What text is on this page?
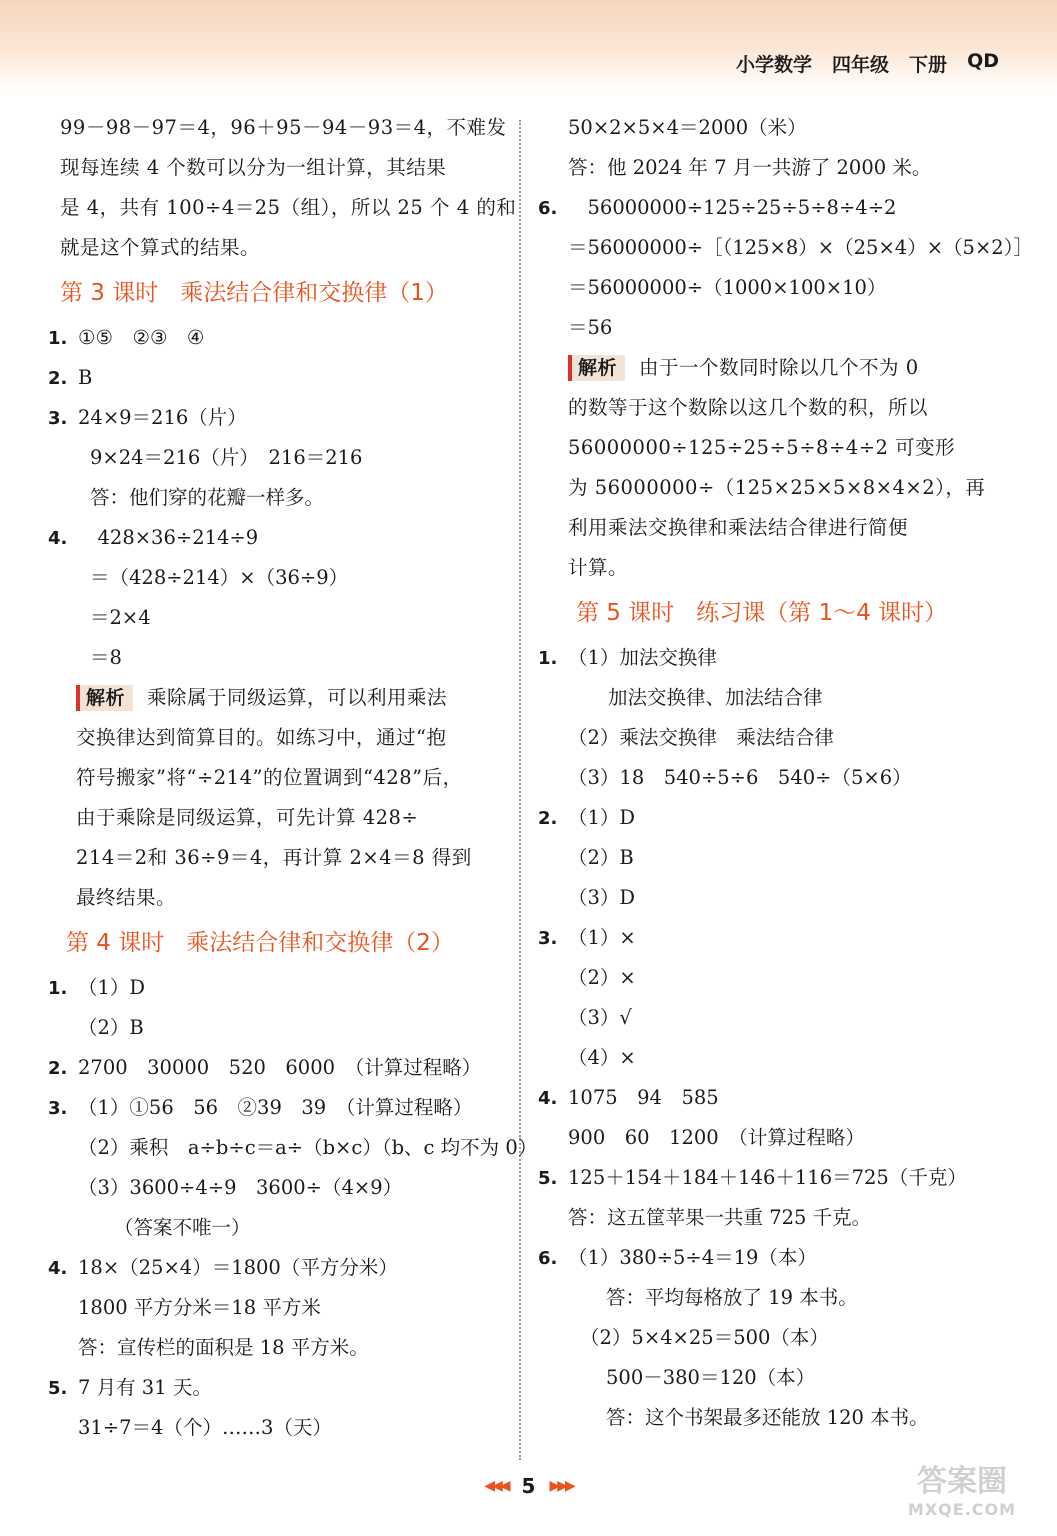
小学数学 四年级 下册 QD
99－98－97＝4，96＋95－94－93＝4，不难发
现每连续 4 个数可以分为一组计算，其结果
是 4，共有 100÷4＝25（组），所以 25 个 4 的和
就是这个算式的结果。
第 3 课时 乘法结合律和交换律（1）
1. ①⑤　②③　④
2. B
3. 24×9＝216（片）
9×24＝216（片）　216＝216
答：他们穿的花瓣一样多。
4.　428×36÷214÷9
＝（428÷214）×（36÷9）
＝2×4
＝8
解析 乘除属于同级运算，可以利用乘法
交换律达到简算目的。如练习中，通过“抱
符号搬家”将“÷214”的位置调到“428”后，
由于乘除是同级运算，可先计算 428÷
214＝2和 36÷9＝4，再计算 2×4＝8 得到
最终结果。
第 4 课时 乘法结合律和交换律（2）
1. （1）D
（2）B
2. 2700　30000　520　6000　（计算过程略）
3. （1）①56　56　②39　39　（计算过程略）
（2）乘积　a÷b÷c＝a÷（b×c）（b、c 均不为 0）
（3）3600÷4÷9　3600÷（4×9）
（答案不唯一）
4. 18×（25×4）＝1800（平方分米）
1800 平方分米＝18 平方米
答：宣传栏的面积是 18 平方米。
5. 7 月有 31 天。
31÷7＝4（个）……3（天）
50×2×5×4＝2000（米）
答：他 2024 年 7 月一共游了 2000 米。
6.　56000000÷125÷25÷5÷8÷4÷2
＝56000000÷［（125×8）×（25×4）×（5×2）］
＝56000000÷（1000×100×10）
＝56
解析 由于一个数同时除以几个不为 0
的数等于这个数除以这几个数的积，所以
56000000÷125÷25÷5÷8÷4÷2 可变形
为 56000000÷（125×25×5×8×4×2），再
利用乘法交换律和乘法结合律进行简便
计算。
第 5 课时 练习课（第 1～4 课时）
1. （1）加法交换律
加法交换律、加法结合律
（2）乘法交换律　乘法结合律
（3）18　540÷5÷6　540÷（5×6）
2. （1）D
（2）B
（3）D
3. （1）×
（2）×
（3）√
（4）×
4. 1075　94　585
900　60　1200　（计算过程略）
5. 125＋154＋184＋146＋116＝725（千克）
答：这五筐苹果一共重 725 千克。
6. （1）380÷5÷4＝19（本）
答：平均每格放了 19 本书。
（2）5×4×25＝500（本）
500－380＝120（本）
答：这个书架最多还能放 120 本书。
◀◀◀ 5 ▶▶▶	答案圈
MXQE.COM
